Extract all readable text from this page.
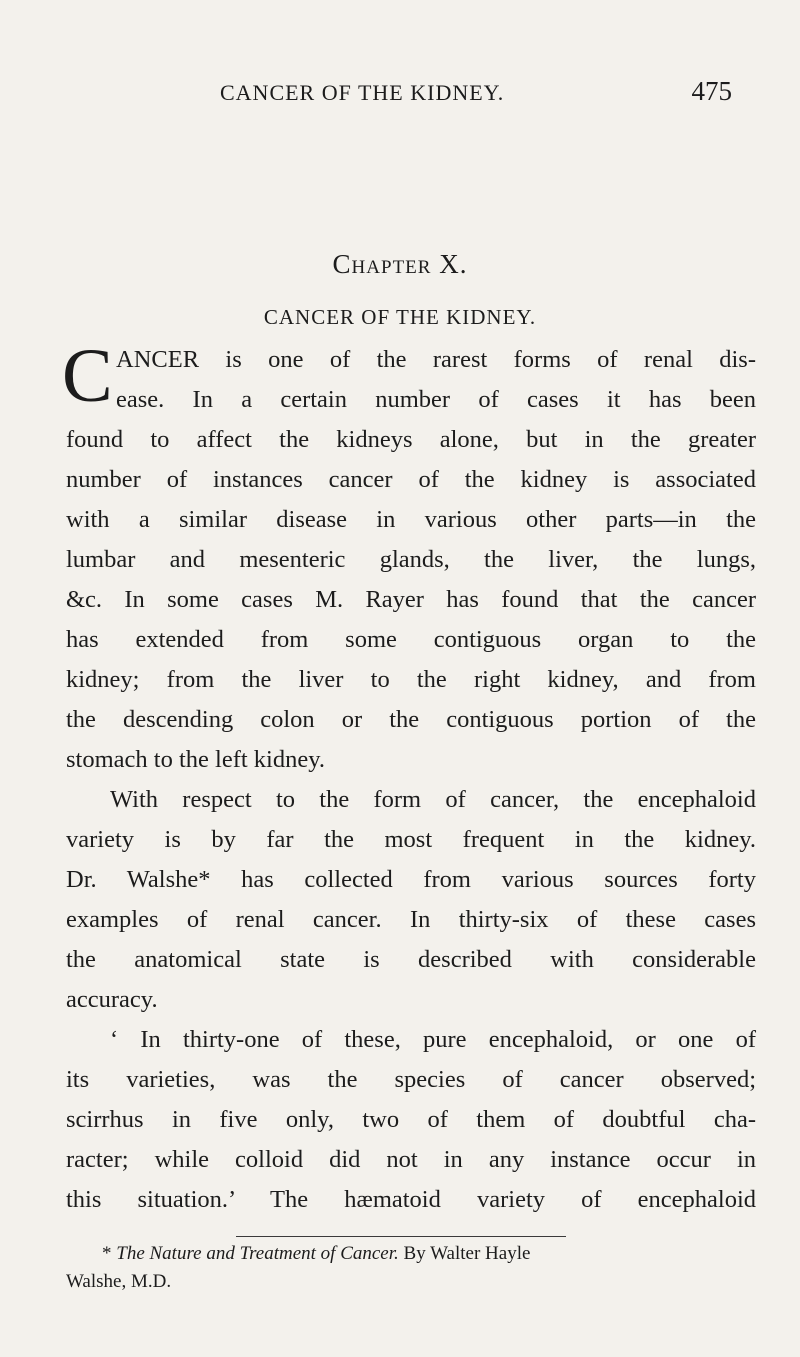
CANCER OF THE KIDNEY.	475
Chapter X.
CANCER OF THE KIDNEY.
C ANCER is one of the rarest forms of renal dis-
ease. In a certain number of cases it has been
found to affect the kidneys alone, but in the greater
number of instances cancer of the kidney is associated
with a similar disease in various other parts—in the
lumbar and mesenteric glands, the liver, the lungs,
&c. In some cases M. Rayer has found that the cancer
has extended from some contiguous organ to the
kidney; from the liver to the right kidney, and from
the descending colon or the contiguous portion of the
stomach to the left kidney.
With respect to the form of cancer, the encephaloid
variety is by far the most frequent in the kidney.
Dr. Walshe* has collected from various sources forty
examples of renal cancer. In thirty-six of these cases
the anatomical state is described with considerable
accuracy.
‘ In thirty-one of these, pure encephaloid, or one of
its varieties, was the species of cancer observed;
scirrhus in five only, two of them of doubtful cha-
racter; while colloid did not in any instance occur in
this situation.’ The hæmatoid variety of encephaloid
* The Nature and Treatment of Cancer. By Walter Hayle
Walshe, M.D.
